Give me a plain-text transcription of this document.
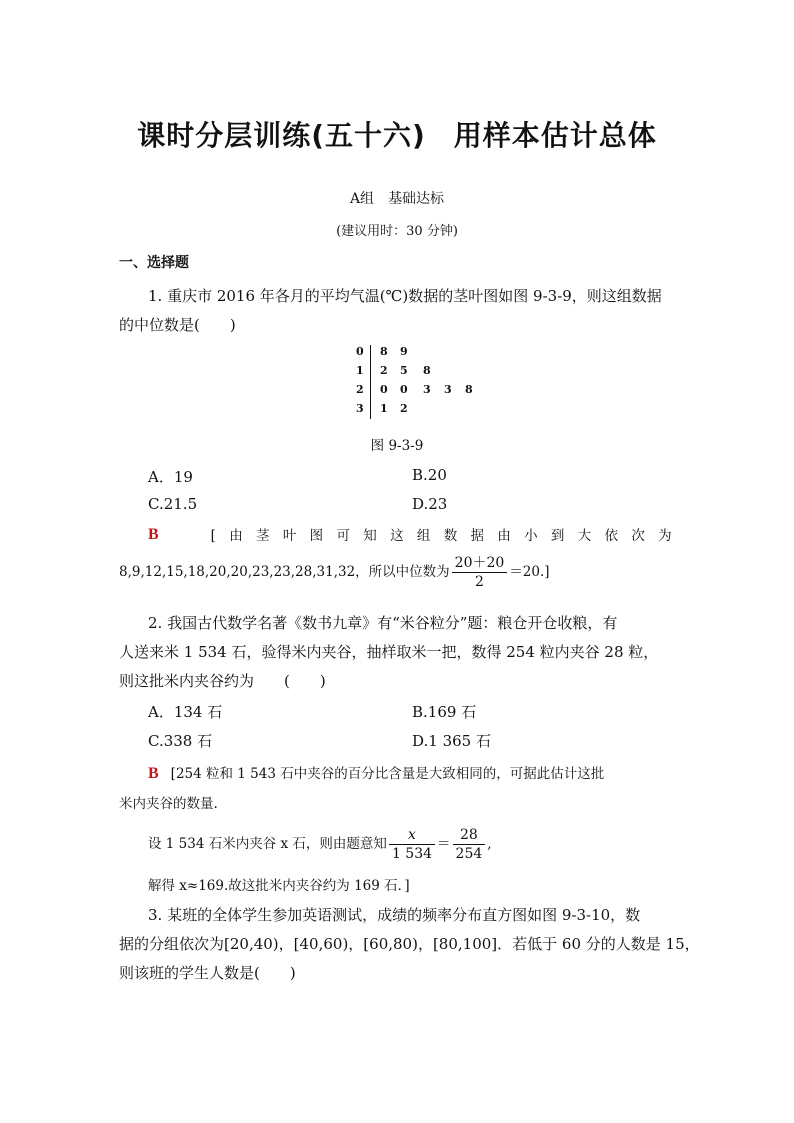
课时分层训练(五十六) 用样本估计总体
A组 基础达标
(建议用时：30 分钟)
一、选择题
1. 重庆市 2016 年各月的平均气温(℃)数据的茎叶图如图 9-3-9，则这组数据
的中位数是(　　)
0 8 9
1 2 5 8
2 0 0 3 3 8
3 1 2
图 9-3-9
A．19	B.20
C.21.5	D.23
B	[由茎叶图可知这组数据由小到大依次为
8,9,12,15,18,20,20,23,23,28,31,32，所以中位数为 $\frac{20+20}{2} =20$.]
2. 我国古代数学名著《数书九章》有“米谷粒分”题：粮仓开仓收粮，有
人送来米 1 534 石，验得米内夹谷，抽样取米一把，数得 254 粒内夹谷 28 粒，
则这批米内夹谷约为　　(　　)
A．134 石	B.169 石
C.338 石	D.1 365 石
B [254 粒和 1 543 石中夹谷的百分比含量是大致相同的，可据此估计这批
米内夹谷的数量.
设 1 534 石米内夹谷 x 石，则由题意知 $\frac{x}{1 534} = \frac{28}{254}$ ,
解得 x≈169.故这批米内夹谷约为 169 石．]
3. 某班的全体学生参加英语测试，成绩的频率分布直方图如图 9-3-10，数
据的分组依次为[20,40)，[40,60)，[60,80)，[80,100]．若低于 60 分的人数是 15，
则该班的学生人数是(　　)
